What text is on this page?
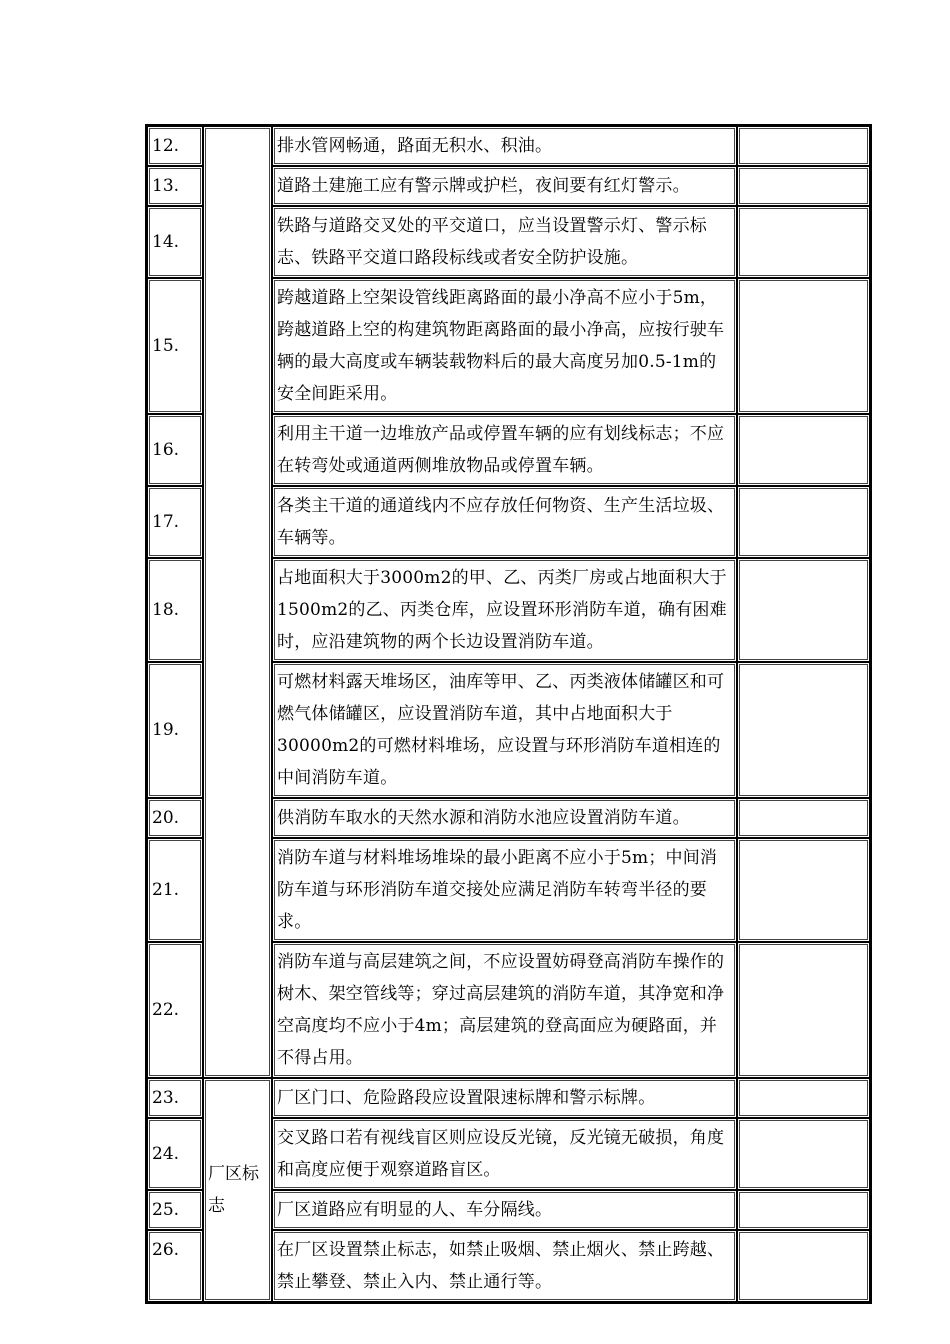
12.		排水管网畅通，路面无积水、积油。	
13.		道路土建施工应有警示牌或护栏，夜间要有红灯警示。	
14.		铁路与道路交叉处的平交道口，应当设置警示灯、警示标志、铁路平交道口路段标线或者安全防护设施。	
15.		跨越道路上空架设管线距离路面的最小净高不应小于5m，跨越道路上空的构建筑物距离路面的最小净高，应按行驶车辆的最大高度或车辆装载物料后的最大高度另加0.5-1m的安全间距采用。	
16.		利用主干道一边堆放产品或停置车辆的应有划线标志；不应在转弯处或通道两侧堆放物品或停置车辆。	
17.		各类主干道的通道线内不应存放任何物资、生产生活垃圾、车辆等。	
18.		占地面积大于3000m2的甲、乙、丙类厂房或占地面积大于1500m2的乙、丙类仓库，应设置环形消防车道，确有困难时，应沿建筑物的两个长边设置消防车道。	
19.		可燃材料露天堆场区，油库等甲、乙、丙类液体储罐区和可燃气体储罐区，应设置消防车道，其中占地面积大于30000m2的可燃材料堆场，应设置与环形消防车道相连的中间消防车道。	
20.		供消防车取水的天然水源和消防水池应设置消防车道。	
21.		消防车道与材料堆场堆垛的最小距离不应小于5m；中间消防车道与环形消防车道交接处应满足消防车转弯半径的要求。	
22.		消防车道与高层建筑之间，不应设置妨碍登高消防车操作的树木、架空管线等；穿过高层建筑的消防车道，其净宽和净空高度均不应小于4m；高层建筑的登高面应为硬路面，并不得占用。	
23.	厂区标志	厂区门口、危险路段应设置限速标牌和警示标牌。	
24.		交叉路口若有视线盲区则应设反光镜，反光镜无破损，角度和高度应便于观察道路盲区。	
25.		厂区道路应有明显的人、车分隔线。	
26.		在厂区设置禁止标志，如禁止吸烟、禁止烟火、禁止跨越、禁止攀登、禁止入内、禁止通行等。	
